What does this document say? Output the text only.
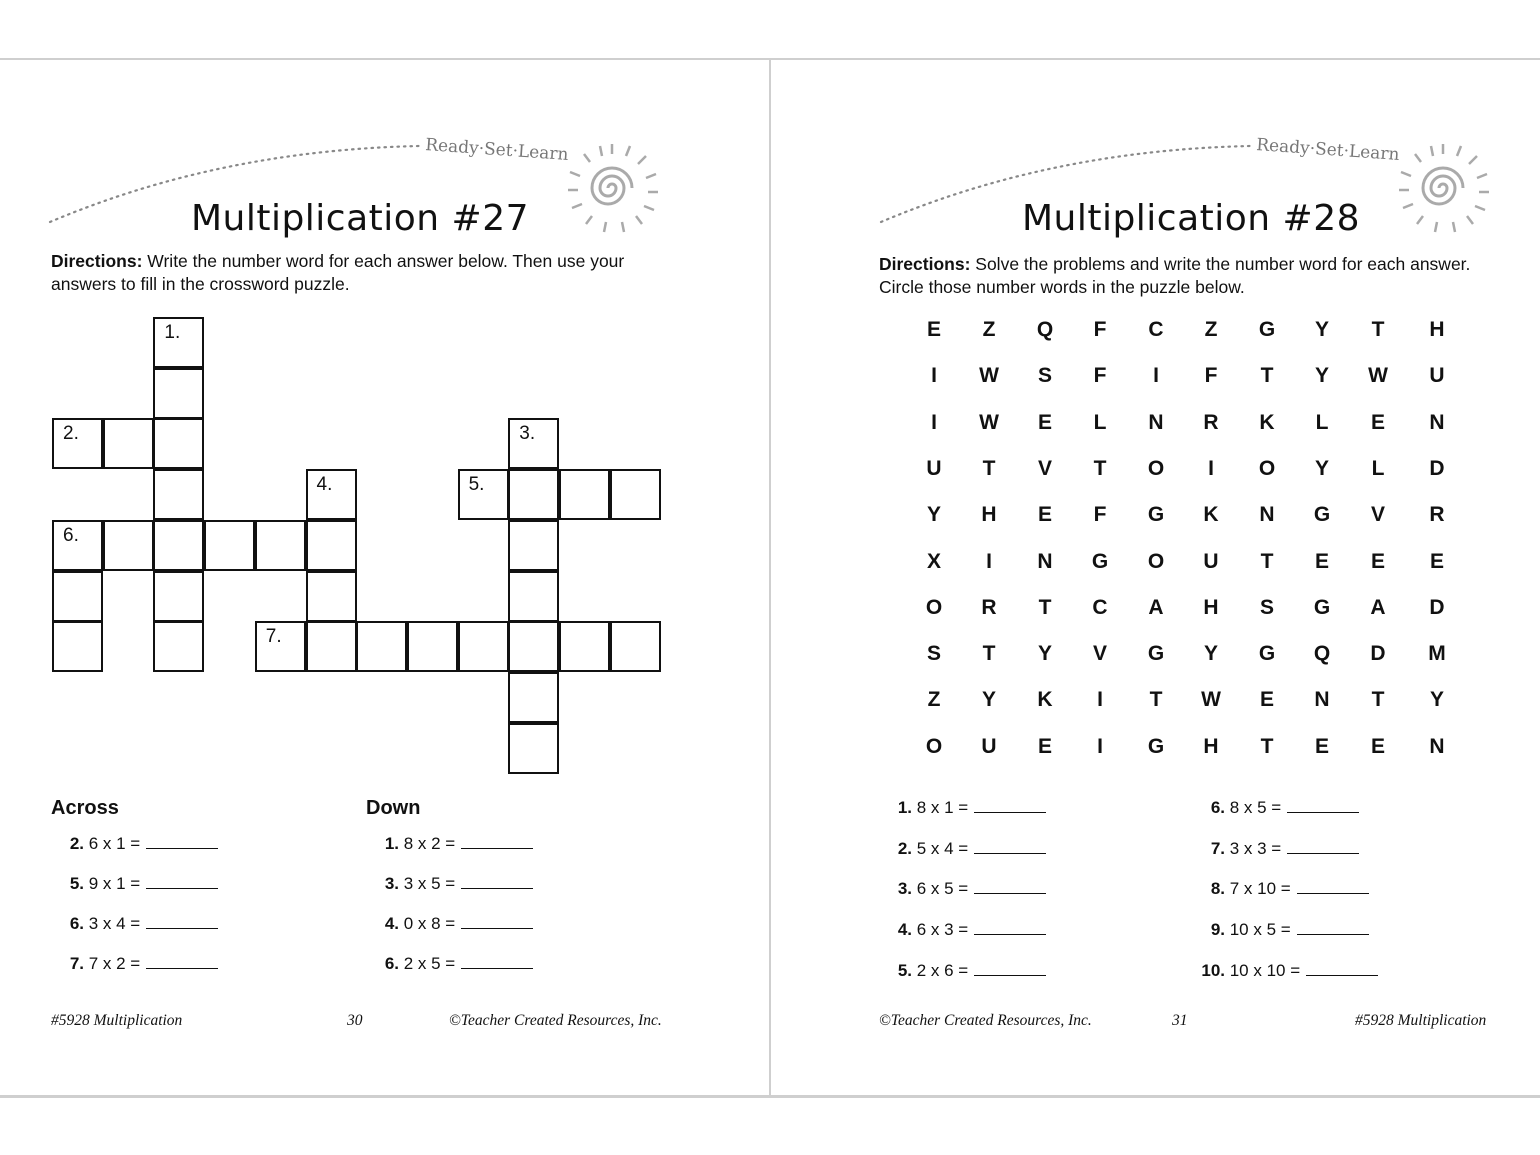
Ready·Set·Learn
Multiplication #27
Directions: Write the number word for each answer below. Then use your answers to fill in the crossword puzzle.
1.
2.	3.
4.	5.
6.
7.
Across	Down
2. 6 x 1 =
5. 9 x 1 =
6. 3 x 4 =
7. 7 x 2 =
1. 8 x 2 =
3. 3 x 5 =
4. 0 x 8 =
6. 2 x 5 =
#5928 Multiplication	30	©Teacher Created Resources, Inc.
Ready·Set·Learn
Multiplication #28
Directions: Solve the problems and write the number word for each answer. Circle those number words in the puzzle below.
E	Z	Q	F	C	Z	G	Y	T	H
I	W	S	F	I	F	T	Y	W	U
I	W	E	L	N	R	K	L	E	N
U	T	V	T	O	I	O	Y	L	D
Y	H	E	F	G	K	N	G	V	R
X	I	N	G	O	U	T	E	E	E
O	R	T	C	A	H	S	G	A	D
S	T	Y	V	G	Y	G	Q	D	M
Z	Y	K	I	T	W	E	N	T	Y
O	U	E	I	G	H	T	E	E	N
1. 8 x 1 =
2. 5 x 4 =
3. 6 x 5 =
4. 6 x 3 =
5. 2 x 6 =
6. 8 x 5 =
7. 3 x 3 =
8. 7 x 10 =
9. 10 x 5 =
10. 10 x 10 =
©Teacher Created Resources, Inc.	31	#5928 Multiplication
